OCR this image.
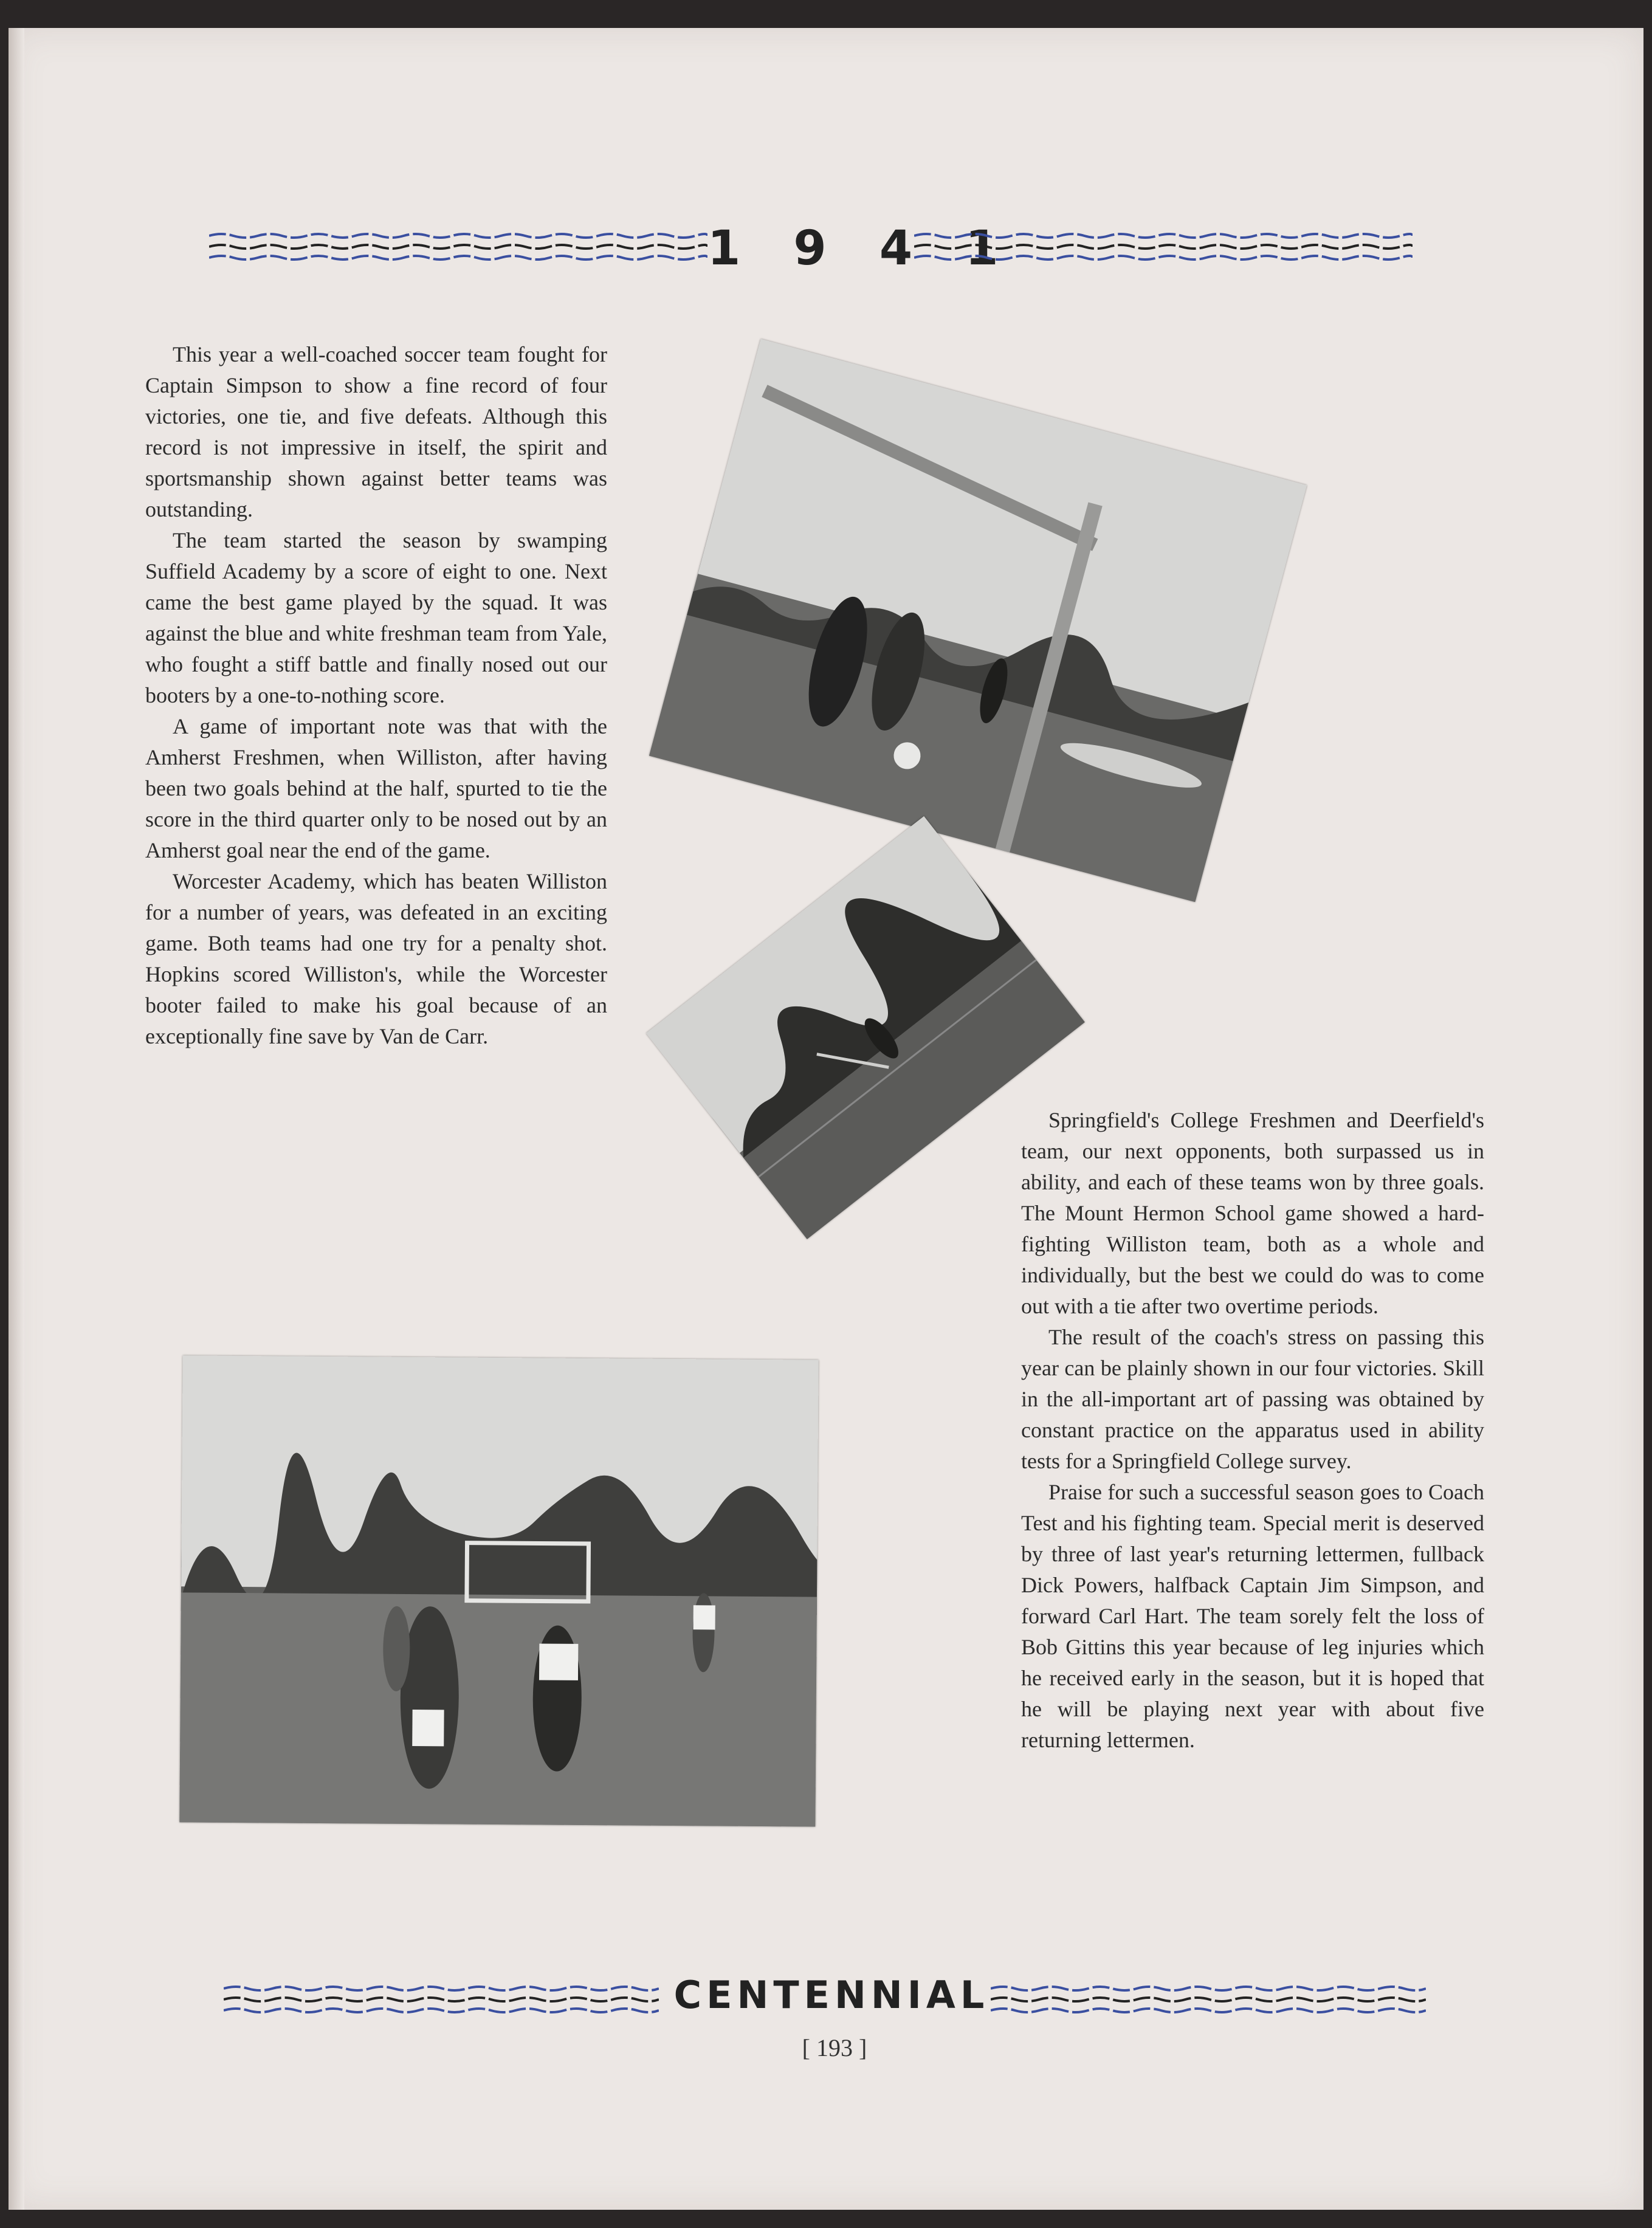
1 9 4 1

This year a well-coached soccer team fought for Captain Simpson to show a fine record of four victories, one tie, and five defeats. Although this record is not impressive in itself, the spirit and sportsmanship shown against better teams was outstanding.

The team started the season by swamping Suffield Academy by a score of eight to one. Next came the best game played by the squad. It was against the blue and white freshman team from Yale, who fought a stiff battle and finally nosed out our booters by a one-to-nothing score.

A game of important note was that with the Amherst Freshmen, when Williston, after having been two goals behind at the half, spurted to tie the score in the third quarter only to be nosed out by an Amherst goal near the end of the game.

Worcester Academy, which has beaten Williston for a number of years, was defeated in an exciting game. Both teams had one try for a penalty shot. Hopkins scored Williston's, while the Worcester booter failed to make his goal because of an exceptionally fine save by Van de Carr.

Springfield's College Freshmen and Deerfield's team, our next opponents, both surpassed us in ability, and each of these teams won by three goals. The Mount Hermon School game showed a hard-fighting Williston team, both as a whole and individually, but the best we could do was to come out with a tie after two overtime periods.

The result of the coach's stress on passing this year can be plainly shown in our four victories. Skill in the all-important art of passing was obtained by constant practice on the apparatus used in ability tests for a Springfield College survey.

Praise for such a successful season goes to Coach Test and his fighting team. Special merit is deserved by three of last year's returning lettermen, fullback Dick Powers, halfback Captain Jim Simpson, and forward Carl Hart. The team sorely felt the loss of Bob Gittins this year because of leg injuries which he received early in the season, but it is hoped that he will be playing next year with about five returning lettermen.

CENTENNIAL
[ 193 ]
